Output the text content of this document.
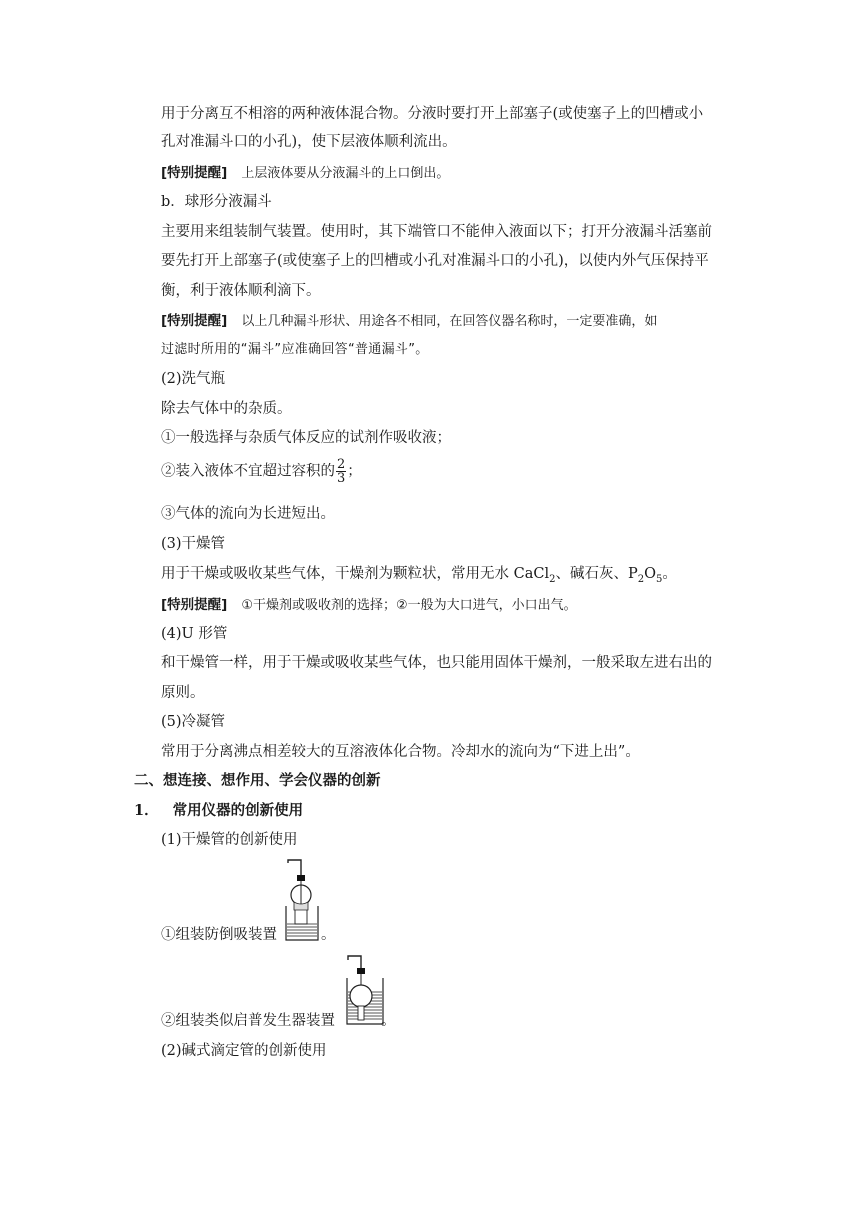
用于分离互不相溶的两种液体混合物。分液时要打开上部塞子(或使塞子上的凹槽或小
孔对准漏斗口的小孔)，使下层液体顺利流出。
[特别提醒] 上层液体要从分液漏斗的上口倒出。
b．球形分液漏斗
主要用来组装制气装置。使用时，其下端管口不能伸入液面以下；打开分液漏斗活塞前
要先打开上部塞子(或使塞子上的凹槽或小孔对准漏斗口的小孔)，以使内外气压保持平
衡，利于液体顺利滴下。
[特别提醒] 以上几种漏斗形状、用途各不相同，在回答仪器名称时，一定要准确，如
过滤时所用的“漏斗”应准确回答“普通漏斗”。
(2)洗气瓶
除去气体中的杂质。
①一般选择与杂质气体反应的试剂作吸收液；
②装入液体不宜超过容积的 $\frac{2}{3}$ ；
③气体的流向为长进短出。
(3)干燥管
用于干燥或吸收某些气体，干燥剂为颗粒状，常用无水 CaCl$_2$、碱石灰、$P_2O_5$。
[特别提醒] ①干燥剂或吸收剂的选择；②一般为大口进气，小口出气。
(4)U 形管
和干燥管一样，用于干燥或吸收某些气体，也只能用固体干燥剂，一般采取左进右出的
原则。
(5)冷凝管
常用于分离沸点相差较大的互溶液体化合物。冷却水的流向为“下进上出”。
二、想连接、想作用、学会仪器的创新
1． 常用仪器的创新使用
(1)干燥管的创新使用
①组装防倒吸装置	。
②组装类似启普发生器装置	。
(2)碱式滴定管的创新使用
